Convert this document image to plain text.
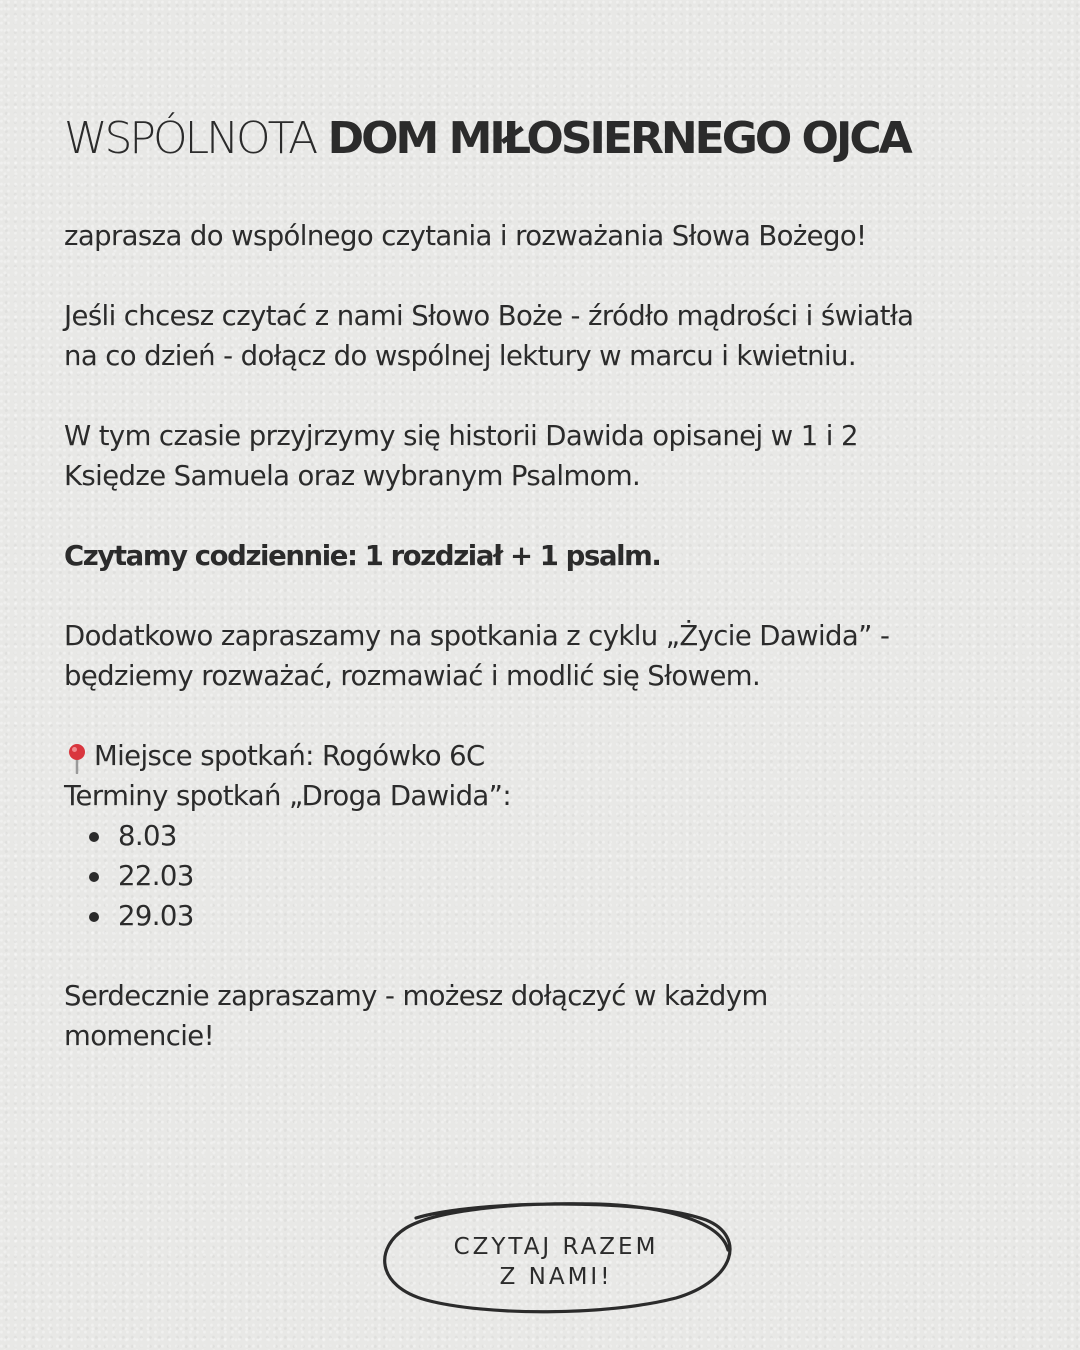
WSPÓLNOTA DOM MIŁOSIERNEGO OJCA

zaprasza do wspólnego czytania i rozważania Słowa Bożego!

Jeśli chcesz czytać z nami Słowo Boże - źródło mądrości i światła
na co dzień - dołącz do wspólnej lektury w marcu i kwietniu.

W tym czasie przyjrzymy się historii Dawida opisanej w 1 i 2
Księdze Samuela oraz wybranym Psalmom.

Czytamy codziennie: 1 rozdział + 1 psalm.

Dodatkowo zapraszamy na spotkania z cyklu „Życie Dawida” -
będziemy rozważać, rozmawiać i modlić się Słowem.

Miejsce spotkań: Rogówko 6C
Terminy spotkań „Droga Dawida”:
8.03
22.03
29.03

Serdecznie zapraszamy - możesz dołączyć w każdym
momencie!

CZYTAJ RAZEM
Z NAMI!
